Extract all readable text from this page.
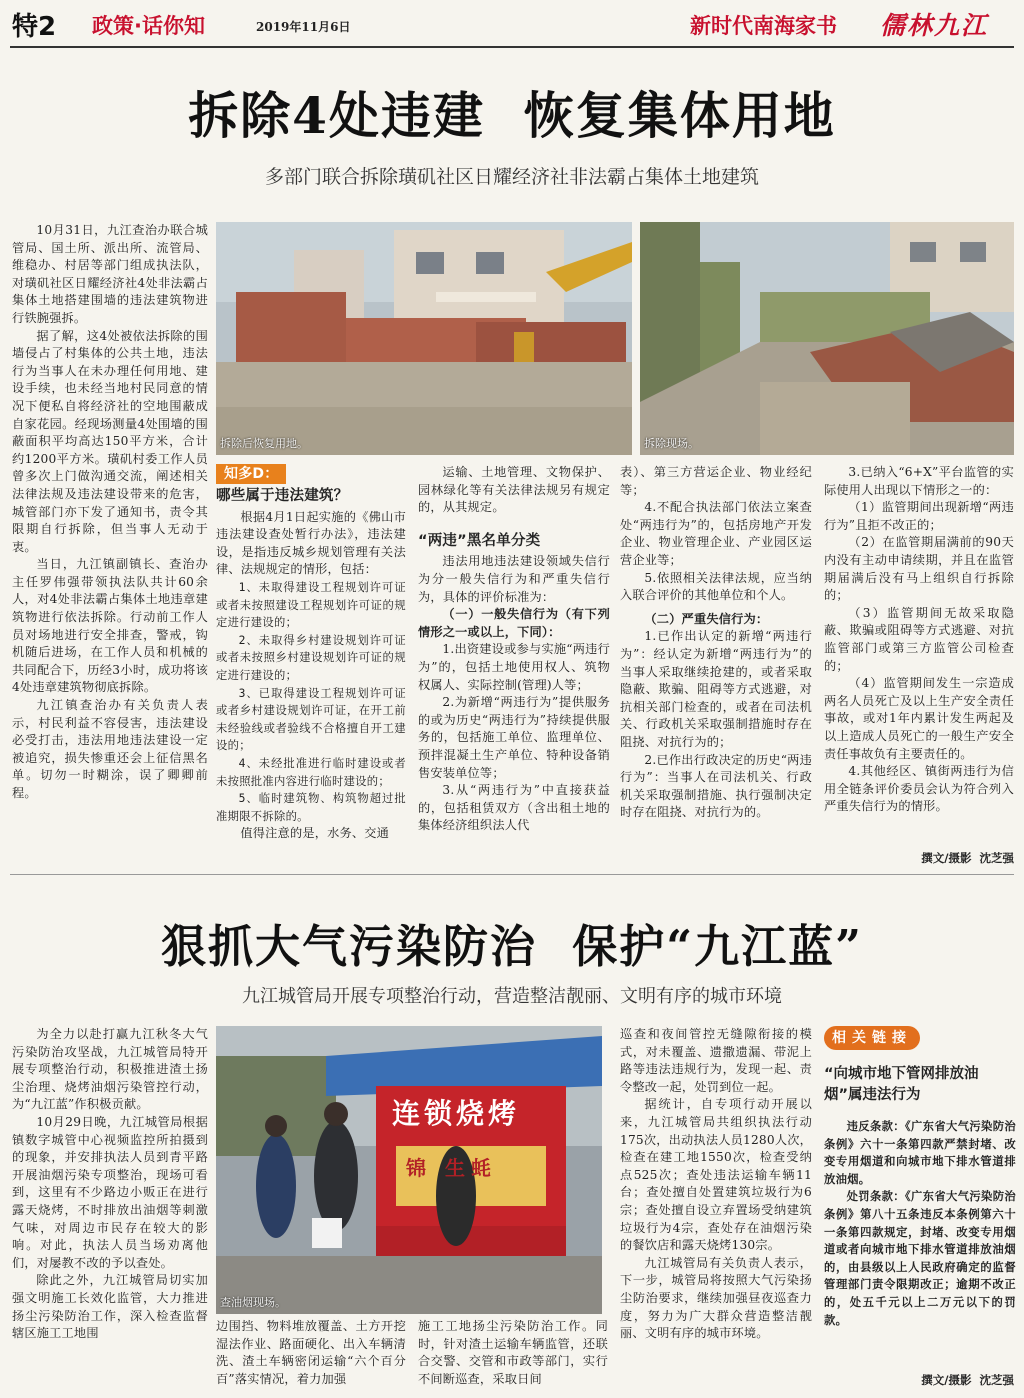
特2 政策·话你知	2019年11月6日	新时代南海家书 儒林九江
拆除4处违建  恢复集体用地
多部门联合拆除璜矶社区日耀经济社非法霸占集体土地建筑
拆除后恢复用地。	拆除现场。

10月31日，九江查治办联合城管局、国土所、派出所、流管局、维稳办、村居等部门组成执法队，对璜矶社区日耀经济社4处非法霸占集体土地搭建围墙的违法建筑物进行铁腕强拆。

据了解，这4处被依法拆除的围墙侵占了村集体的公共土地，违法行为当事人在未办理任何用地、建设手续，也未经当地村民同意的情况下便私自将经济社的空地围蔽成自家花园。经现场测量4处围墙的围蔽面积平均高达150平方米，合计约1200平方米。璜矶村委工作人员曾多次上门做沟通交流，阐述相关法律法规及违法建设带来的危害，城管部门亦下发了通知书，责令其限期自行拆除，但当事人无动于衷。

当日，九江镇副镇长、查治办主任罗伟强带领执法队共计60余人，对4处非法霸占集体土地违章建筑物进行依法拆除。行动前工作人员对场地进行安全排查，警戒，钩机随后进场，在工作人员和机械的共同配合下，历经3小时，成功将该4处违章建筑物彻底拆除。

九江镇查治办有关负责人表示，村民利益不容侵害，违法建设必受打击，违法用地违法建设一定被追究，损失惨重还会上征信黑名单。切勿一时糊涂，误了卿卿前程。

知多D：
哪些属于违法建筑？

根据4月1日起实施的《佛山市违法建设查处暂行办法》，违法建设，是指违反城乡规划管理有关法律、法规规定的情形，包括：

1、未取得建设工程规划许可证或者未按照建设工程规划许可证的规定进行建设的；

2、未取得乡村建设规划许可证或者未按照乡村建设规划许可证的规定进行建设的；

3、已取得建设工程规划许可证或者乡村建设规划许可证，在开工前未经验线或者验线不合格擅自开工建设的；

4、未经批准进行临时建设或者未按照批准内容进行临时建设的；

5、临时建筑物、构筑物超过批准期限不拆除的。

值得注意的是，水务、交通

运输、土地管理、文物保护、园林绿化等有关法律法规另有规定的，从其规定。

“两违”黑名单分类

违法用地违法建设领域失信行为分一般失信行为和严重失信行为，具体的评价标准为：

（一）一般失信行为（有下列情形之一或以上，下同）：

1.出资建设或参与实施“两违行为”的，包括土地使用权人、筑物权属人、实际控制(管理)人等；

2.为新增“两违行为”提供服务的或为历史“两违行为”持续提供服务的，包括施工单位、监理单位、预拌混凝土生产单位、特种设备销售安装单位等；

3.从“两违行为”中直接获益的，包括租赁双方（含出租土地的集体经济组织法人代

表）、第三方营运企业、物业经纪等；

4.不配合执法部门依法立案查处“两违行为”的，包括房地产开发企业、物业管理企业、产业园区运营企业等；

5.依照相关法律法规，应当纳入联合评价的其他单位和个人。

（二）严重失信行为：

1.已作出认定的新增“两违行为”：经认定为新增“两违行为”的当事人采取继续抢建的，或者采取隐蔽、欺骗、阻碍等方式逃避，对抗相关部门检查的，或者在司法机关、行政机关采取强制措施时存在阻挠、对抗行为的；

2.已作出行政决定的历史“两违行为”：当事人在司法机关、行政机关采取强制措施、执行强制决定时存在阻挠、对抗行为的。

3.已纳入“6+X”平台监管的实际使用人出现以下情形之一的：

（1）监管期间出现新增“两违行为”且拒不改正的；

（2）在监管期届满前的90天内没有主动申请续期，并且在监管期届满后没有马上组织自行拆除的；

（3）监管期间无故采取隐蔽、欺骗或阻碍等方式逃避、对抗监管部门或第三方监管公司检查的；

（4）监管期间发生一宗造成两名人员死亡及以上生产安全责任事故，或对1年内累计发生两起及以上造成人员死亡的一般生产安全责任事故负有主要责任的。

4.其他经区、镇街两违行为信用全链条评价委员会认为符合列入严重失信行为的情形。

撰文/摄影  沈芝强
狠抓大气污染防治  保护“九江蓝”
九江城管局开展专项整治行动，营造整洁靓丽、文明有序的城市环境

为全力以赴打赢九江秋冬大气污染防治攻坚战，九江城管局特开展专项整治行动，积极推进渣土扬尘治理、烧烤油烟污染管控行动，为“九江蓝”作积极贡献。

10月29日晚，九江城管局根据镇数字城管中心视频监控所拍摄到的现象，并安排执法人员到青平路开展油烟污染专项整治，现场可看到，这里有不少路边小贩正在进行露天烧烤，不时排放出油烟等刺激气味，对周边市民存在较大的影响。对此，执法人员当场劝离他们，对屡教不改的予以查处。

除此之外，九江城管局切实加强文明施工长效化监管，大力推进扬尘污染防治工作，深入检查监督辖区施工工地围

连锁烧烤
锦 生蚝
查油烟现场。

边围挡、物料堆放覆盖、土方开挖湿法作业、路面硬化、出入车辆清洗、渣土车辆密闭运输“六个百分百”落实情况，着力加强

施工工地扬尘污染防治工作。同时，针对渣土运输车辆监管，还联合交警、交管和市政等部门，实行不间断巡查，采取日间

巡查和夜间管控无缝隙衔接的模式，对未覆盖、遗撒遗漏、带泥上路等违法违规行为，发现一起、责令整改一起，处罚到位一起。

据统计，自专项行动开展以来，九江城管局共组织执法行动175次，出动执法人员1280人次，检查在建工地1550次，检查受纳点525次；查处违法运输车辆11台；查处擅自处置建筑垃圾行为6宗；查处擅自设立弃置场受纳建筑垃圾行为4宗，查处存在油烟污染的餐饮店和露天烧烤130宗。

九江城管局有关负责人表示，下一步，城管局将按照大气污染扬尘防治要求，继续加强昼夜巡查力度，努力为广大群众营造整洁靓丽、文明有序的城市环境。

相关链接
“向城市地下管网排放油烟”属违法行为

违反条款：《广东省大气污染防治条例》六十一条第四款严禁封堵、改变专用烟道和向城市地下排水管道排放油烟。

处罚条款：《广东省大气污染防治条例》第八十五条违反本条例第六十一条第四款规定，封堵、改变专用烟道或者向城市地下排水管道排放油烟的，由县级以上人民政府确定的监督管理部门责令限期改正；逾期不改正的，处五千元以上二万元以下的罚款。

撰文/摄影  沈芝强
